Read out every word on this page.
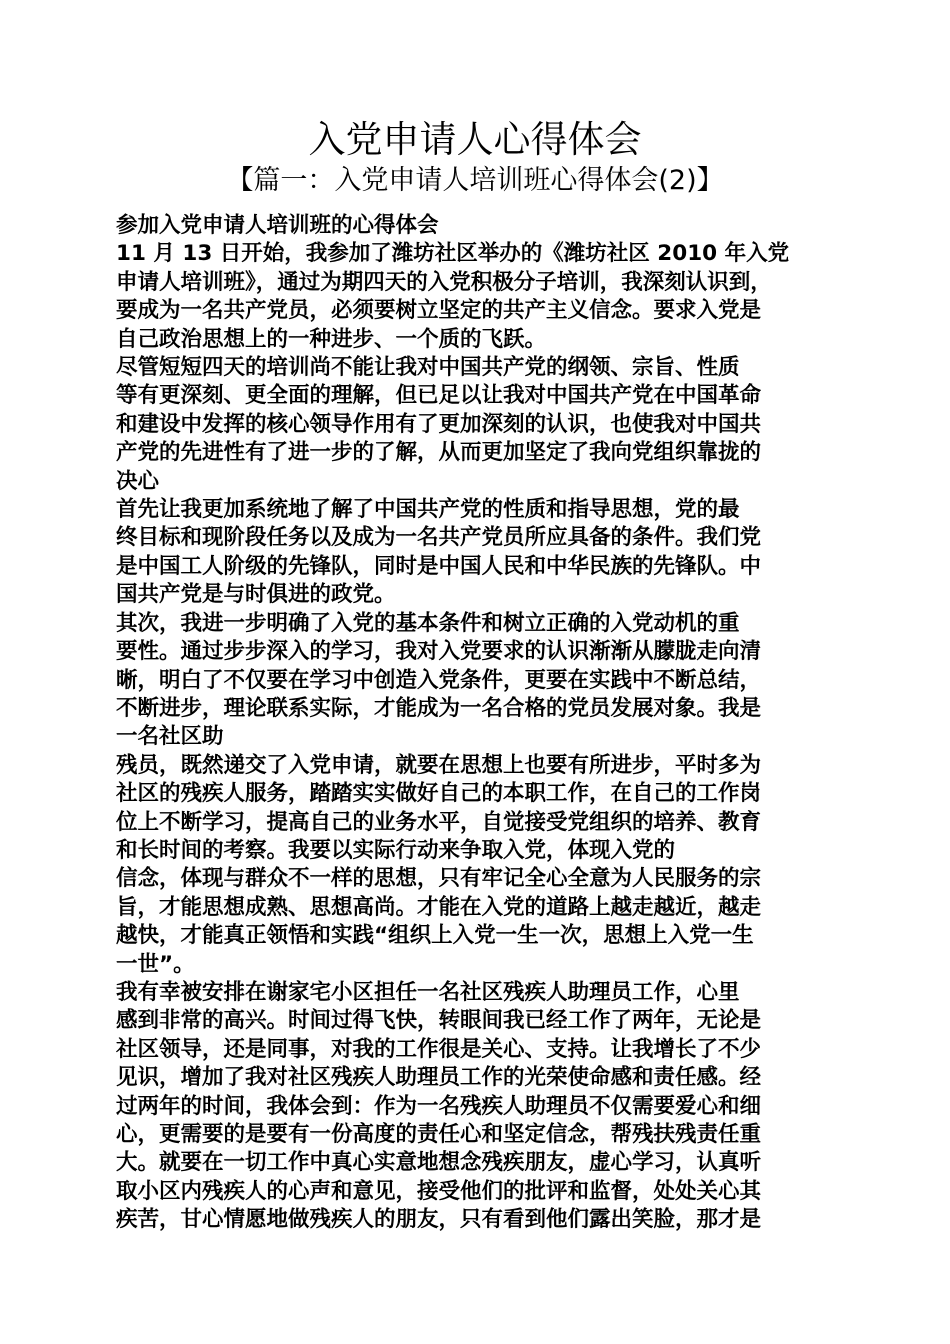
入党申请人心得体会
【篇一：入党申请人培训班心得体会(2)】

参加入党申请人培训班的心得体会

11 月 13 日开始，我参加了潍坊社区举办的《潍坊社区 2010 年入党

申请人培训班》，通过为期四天的入党积极分子培训，我深刻认识到，

要成为一名共产党员，必须要树立坚定的共产主义信念。要求入党是

自己政治思想上的一种进步、一个质的飞跃。

尽管短短四天的培训尚不能让我对中国共产党的纲领、宗旨、性质

等有更深刻、更全面的理解，但已足以让我对中国共产党在中国革命

和建设中发挥的核心领导作用有了更加深刻的认识，也使我对中国共

产党的先进性有了进一步的了解，从而更加坚定了我向党组织靠拢的

决心

首先让我更加系统地了解了中国共产党的性质和指导思想，党的最

终目标和现阶段任务以及成为一名共产党员所应具备的条件。我们党

是中国工人阶级的先锋队，同时是中国人民和中华民族的先锋队。中

国共产党是与时俱进的政党。

其次，我进一步明确了入党的基本条件和树立正确的入党动机的重

要性。通过步步深入的学习，我对入党要求的认识渐渐从朦胧走向清

晰，明白了不仅要在学习中创造入党条件，更要在实践中不断总结，

不断进步，理论联系实际，才能成为一名合格的党员发展对象。我是

一名社区助

残员，既然递交了入党申请，就要在思想上也要有所进步，平时多为

社区的残疾人服务，踏踏实实做好自己的本职工作，在自己的工作岗

位上不断学习，提高自己的业务水平，自觉接受党组织的培养、教育

和长时间的考察。我要以实际行动来争取入党，体现入党的

信念，体现与群众不一样的思想，只有牢记全心全意为人民服务的宗

旨，才能思想成熟、思想高尚。才能在入党的道路上越走越近，越走

越快，才能真正领悟和实践“组织上入党一生一次，思想上入党一生

一世”。

我有幸被安排在谢家宅小区担任一名社区残疾人助理员工作，心里

感到非常的高兴。时间过得飞快，转眼间我已经工作了两年，无论是

社区领导，还是同事，对我的工作很是关心、支持。让我增长了不少

见识，增加了我对社区残疾人助理员工作的光荣使命感和责任感。经

过两年的时间，我体会到：作为一名残疾人助理员不仅需要爱心和细

心，更需要的是要有一份高度的责任心和坚定信念，帮残扶残责任重

大。就要在一切工作中真心实意地想念残疾朋友，虚心学习，认真听

取小区内残疾人的心声和意见，接受他们的批评和监督，处处关心其

疾苦，甘心情愿地做残疾人的朋友，只有看到他们露出笑脸，那才是
